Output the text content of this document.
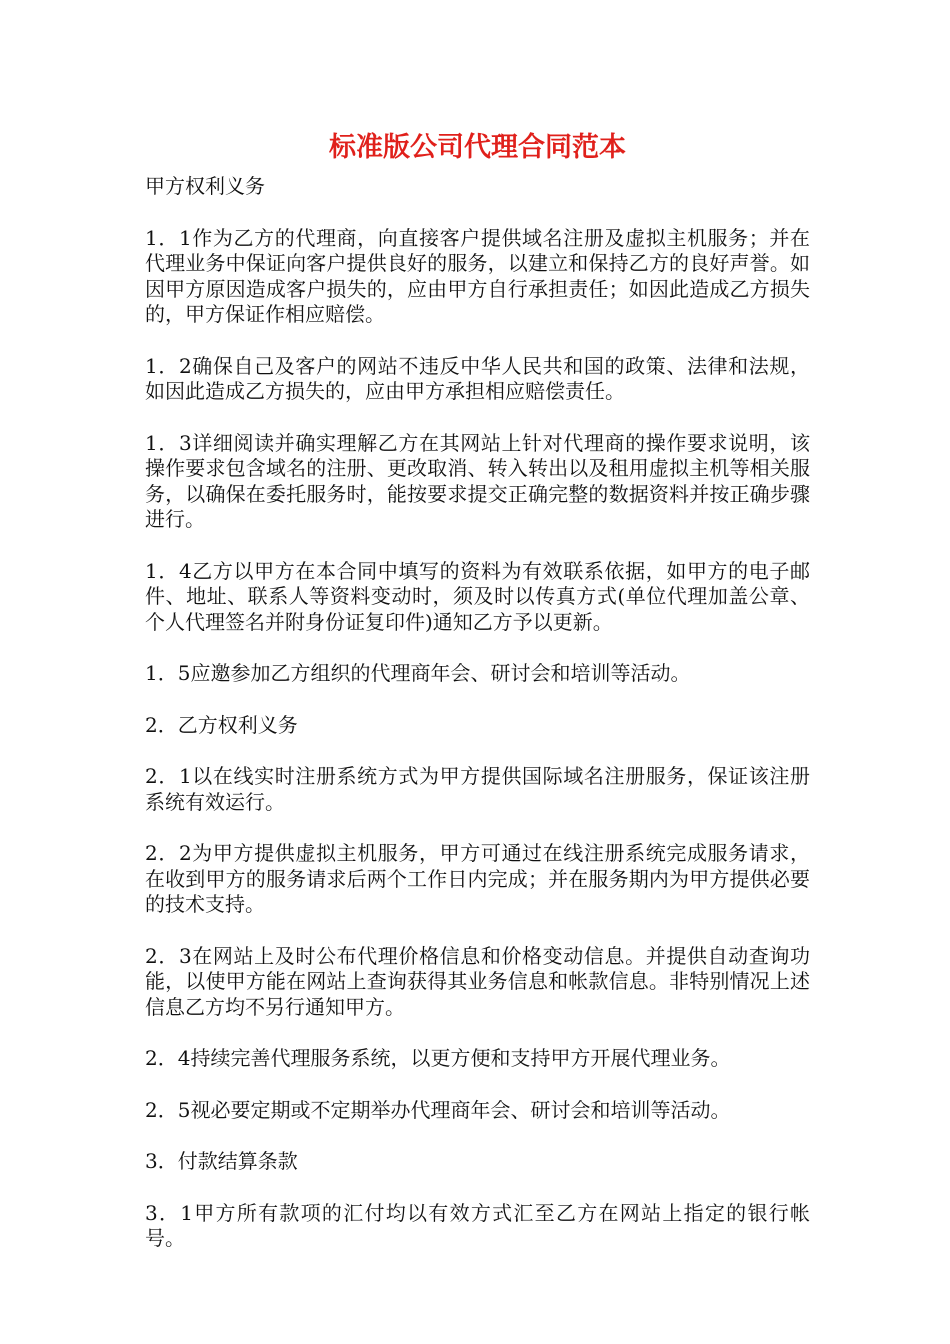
标准版公司代理合同范本
甲方权利义务
1．1作为乙方的代理商，向直接客户提供域名注册及虚拟主机服务；并在代理业务中保证向客户提供良好的服务，以建立和保持乙方的良好声誉。如因甲方原因造成客户损失的，应由甲方自行承担责任；如因此造成乙方损失的，甲方保证作相应赔偿。
1．2确保自己及客户的网站不违反中华人民共和国的政策、法律和法规，如因此造成乙方损失的，应由甲方承担相应赔偿责任。
1．3详细阅读并确实理解乙方在其网站上针对代理商的操作要求说明，该操作要求包含域名的注册、更改取消、转入转出以及租用虚拟主机等相关服务，以确保在委托服务时，能按要求提交正确完整的数据资料并按正确步骤进行。
1．4乙方以甲方在本合同中填写的资料为有效联系依据，如甲方的电子邮件、地址、联系人等资料变动时，须及时以传真方式(单位代理加盖公章、个人代理签名并附身份证复印件)通知乙方予以更新。
1．5应邀参加乙方组织的代理商年会、研讨会和培训等活动。
2．乙方权利义务
2．1以在线实时注册系统方式为甲方提供国际域名注册服务，保证该注册系统有效运行。
2．2为甲方提供虚拟主机服务，甲方可通过在线注册系统完成服务请求，在收到甲方的服务请求后两个工作日内完成；并在服务期内为甲方提供必要的技术支持。
2．3在网站上及时公布代理价格信息和价格变动信息。并提供自动查询功能，以使甲方能在网站上查询获得其业务信息和帐款信息。非特别情况上述信息乙方均不另行通知甲方。
2．4持续完善代理服务系统，以更方便和支持甲方开展代理业务。
2．5视必要定期或不定期举办代理商年会、研讨会和培训等活动。
3．付款结算条款
3．1甲方所有款项的汇付均以有效方式汇至乙方在网站上指定的银行帐号。
